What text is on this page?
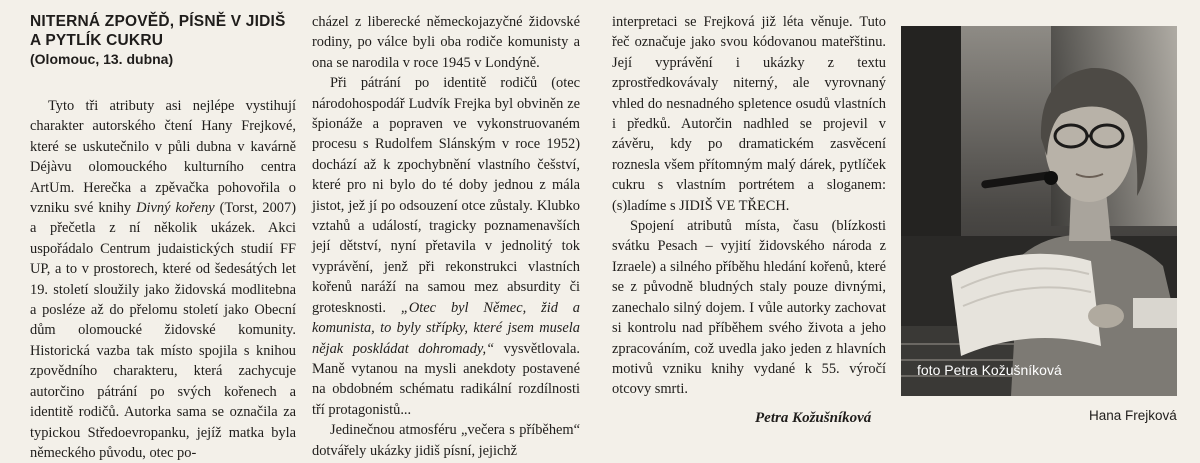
NITERNÁ ZPOVĚĎ, PÍSNĚ V JIDIŠ
A PYTLÍK CUKRU
(Olomouc, 13. dubna)

Tyto tři atributy asi nejlépe vystihují charakter autorského čtení Hany Frejkové, které se uskutečnilo v půli dubna v kavárně Déjàvu olomouckého kulturního centra ArtUm. Herečka a zpěvačka pohovořila o vzniku své knihy Divný kořeny (Torst, 2007) a přečetla z ní několik ukázek. Akci uspořádalo Centrum judaistických studií FF UP, a to v prostorech, které od šedesátých let 19. století sloužily jako židovská modlitebna a posléze až do přelomu století jako Obecní dům olomoucké židovské komunity. Historická vazba tak místo spojila s knihou zpovědního charakteru, která zachycuje autorčino pátrání po svých kořenech a identitě rodičů. Autorka sama se označila za typickou Středoevropanku, jejíž matka byla německého původu, otec po-

cházel z liberecké německojazyčné židovské rodiny, po válce byli oba rodiče komunisty a ona se narodila v roce 1945 v Londýně.

Při pátrání po identitě rodičů (otec národohospodář Ludvík Frejka byl obviněn ze špionáže a popraven ve vykonstruovaném procesu s Rudolfem Slánským v roce 1952) dochází až k zpochybnění vlastního češství, které pro ni bylo do té doby jednou z mála jistot, jež jí po odsouzení otce zůstaly. Klubko vztahů a událostí, tragicky poznamenavších její dětství, nyní přetavila v jednolitý tok vyprávění, jenž při rekonstrukci vlastních kořenů naráží na samou mez absurdity či grotesknosti. „Otec byl Němec, žid a komunista, to byly střípky, které jsem musela nějak poskládat dohromady,“ vysvětlovala. Maně vytanou na mysli anekdoty postavené na obdobném schématu radikální rozdílnosti tří protagonistů...

Jedinečnou atmosféru „večera s příběhem“ dotvářely ukázky jidiš písní, jejichž

interpretaci se Frejková již léta věnuje. Tuto řeč označuje jako svou kódovanou mateřštinu. Její vyprávění i ukázky z textu zprostředkovávaly niterný, ale vyrovnaný vhled do nesnadného spletence osudů vlastních i předků. Autorčin nadhled se projevil v závěru, kdy po dramatickém zasvěcení roznesla všem přítomným malý dárek, pytlíček cukru s vlastním portrétem a sloganem: (s)ladíme s JIDIŠ VE TŘECH.

Spojení atributů místa, času (blízkosti svátku Pesach – vyjití židovského národa z Izraele) a silného příběhu hledání kořenů, které se z původně bludných staly pouze divnými, zanechalo silný dojem. I vůle autorky zachovat si kontrolu nad příběhem svého života a jeho zpracováním, což uvedla jako jeden z hlavních motivů vzniku knihy vydané k 55. výročí otcovy smrti.

Petra Kožušníková
foto Petra Kožušníková
Hana Frejková
